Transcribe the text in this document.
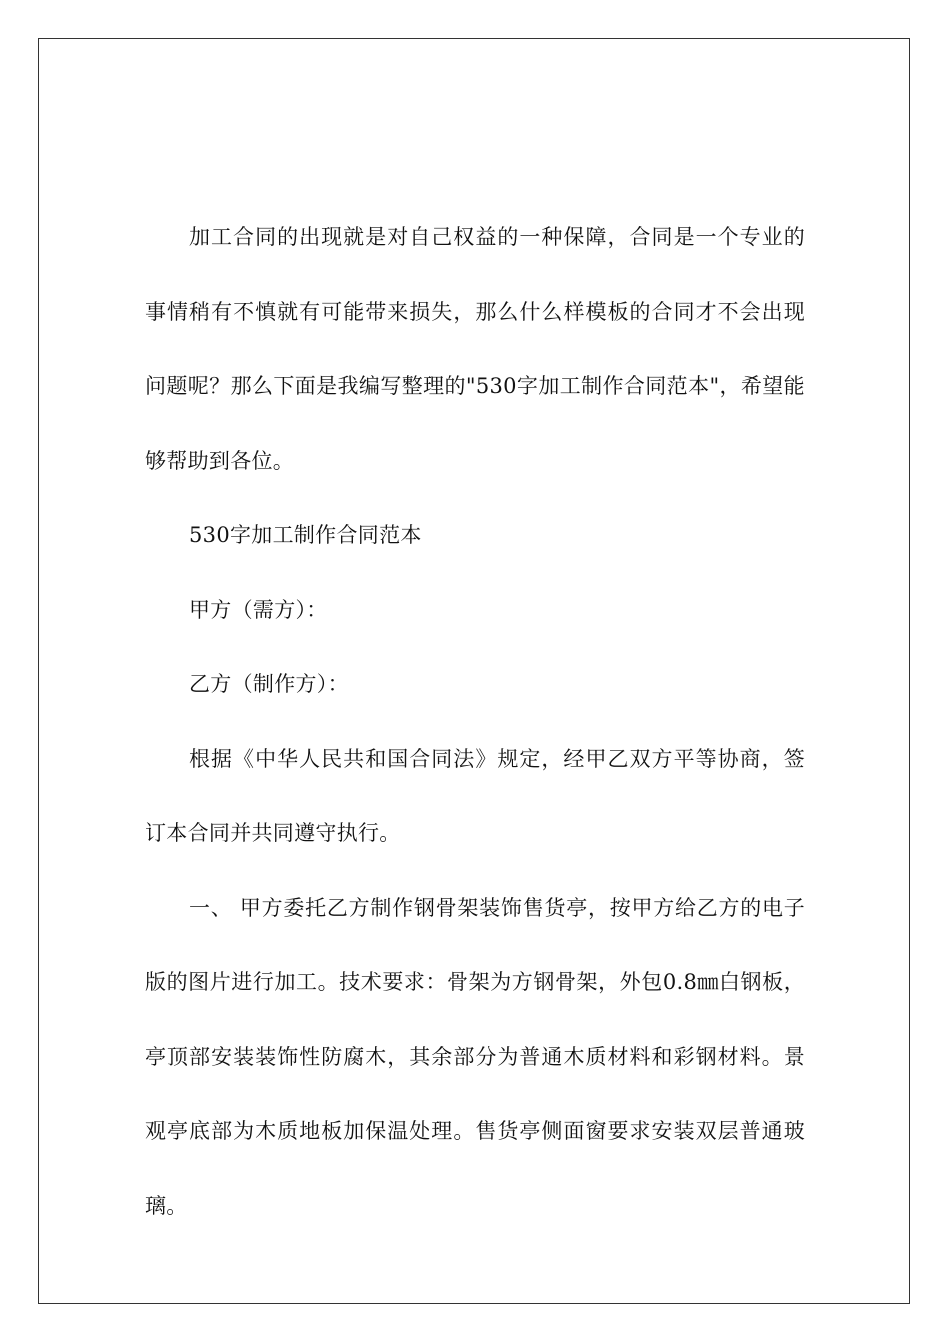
加工合同的出现就是对自己权益的一种保障，合同是一个专业的事情稍有不慎就有可能带来损失，那么什么样模板的合同才不会出现问题呢？那么下面是我编写整理的"530字加工制作合同范本"，希望能够帮助到各位。

530字加工制作合同范本

甲方（需方）：

乙方（制作方）：

根据《中华人民共和国合同法》规定，经甲乙双方平等协商，签订本合同并共同遵守执行。

一、 甲方委托乙方制作钢骨架装饰售货亭，按甲方给乙方的电子版的图片进行加工。技术要求：骨架为方钢骨架，外包0.8㎜白钢板，亭顶部安装装饰性防腐木，其余部分为普通木质材料和彩钢材料。景观亭底部为木质地板加保温处理。售货亭侧面窗要求安装双层普通玻璃。
